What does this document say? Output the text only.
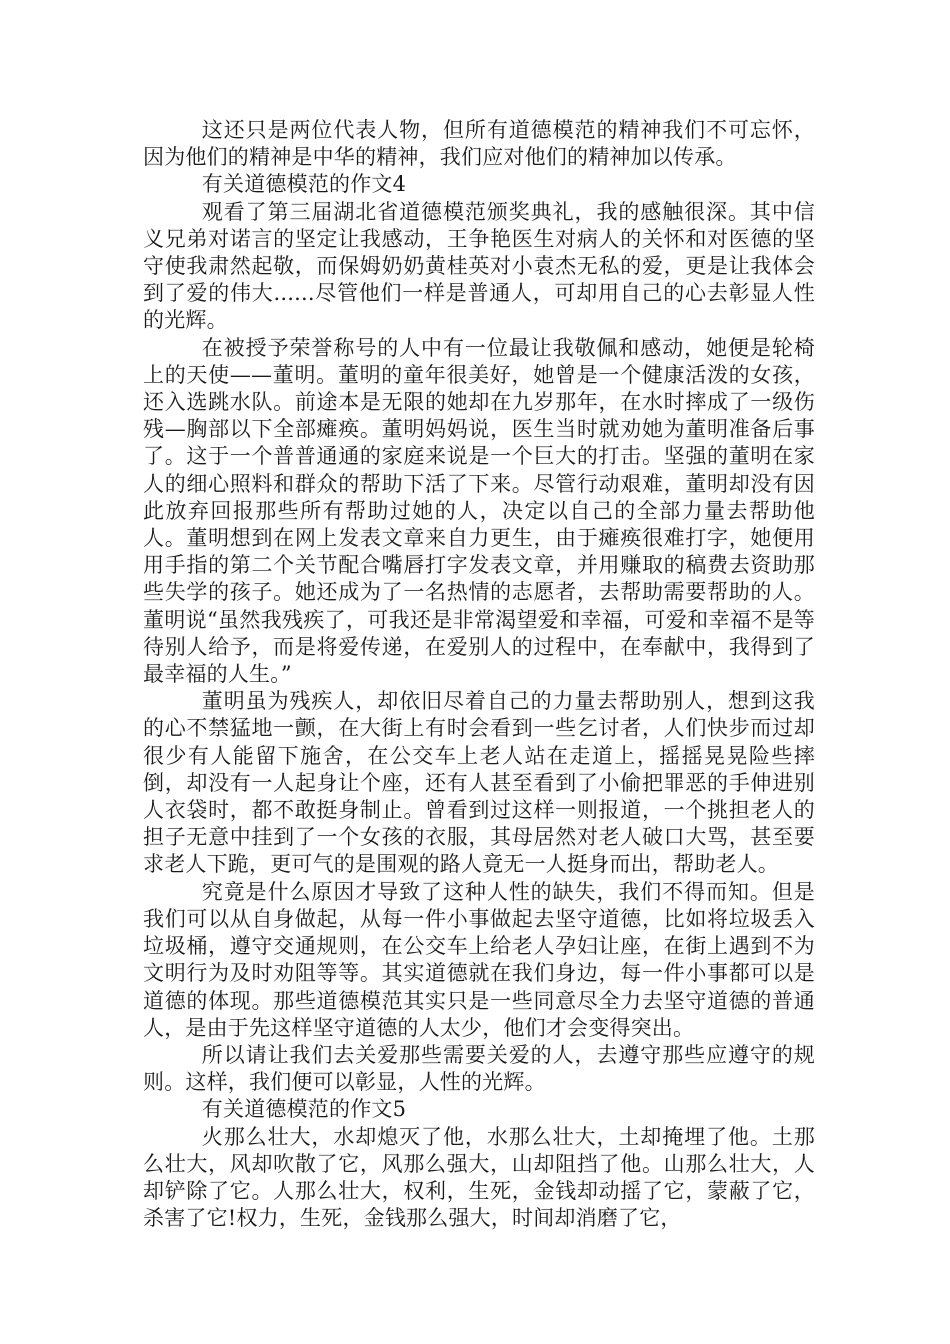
这还只是两位代表人物，但所有道德模范的精神我们不可忘怀，因为他们的精神是中华的精神，我们应对他们的精神加以传承。

有关道德模范的作文4

观看了第三届湖北省道德模范颁奖典礼，我的感触很深。其中信义兄弟对诺言的坚定让我感动，王争艳医生对病人的关怀和对医德的坚守使我肃然起敬，而保姆奶奶黄桂英对小袁杰无私的爱，更是让我体会到了爱的伟大......尽管他们一样是普通人，可却用自己的心去彰显人性的光辉。

在被授予荣誉称号的人中有一位最让我敬佩和感动，她便是轮椅上的天使——董明。董明的童年很美好，她曾是一个健康活泼的女孩，还入选跳水队。前途本是无限的她却在九岁那年，在水时摔成了一级伤残—胸部以下全部瘫痪。董明妈妈说，医生当时就劝她为董明准备后事了。这于一个普普通通的家庭来说是一个巨大的打击。坚强的董明在家人的细心照料和群众的帮助下活了下来。尽管行动艰难，董明却没有因此放弃回报那些所有帮助过她的人，决定以自己的全部力量去帮助他人。董明想到在网上发表文章来自力更生，由于瘫痪很难打字，她便用用手指的第二个关节配合嘴唇打字发表文章，并用赚取的稿费去资助那些失学的孩子。她还成为了一名热情的志愿者，去帮助需要帮助的人。董明说“虽然我残疾了，可我还是非常渴望爱和幸福，可爱和幸福不是等待别人给予，而是将爱传递，在爱别人的过程中，在奉献中，我得到了最幸福的人生。”

董明虽为残疾人，却依旧尽着自己的力量去帮助别人，想到这我的心不禁猛地一颤，在大街上有时会看到一些乞讨者，人们快步而过却很少有人能留下施舍，在公交车上老人站在走道上，摇摇晃晃险些摔倒，却没有一人起身让个座，还有人甚至看到了小偷把罪恶的手伸进别人衣袋时，都不敢挺身制止。曾看到过这样一则报道，一个挑担老人的担子无意中挂到了一个女孩的衣服，其母居然对老人破口大骂，甚至要求老人下跪，更可气的是围观的路人竟无一人挺身而出，帮助老人。

究竟是什么原因才导致了这种人性的缺失，我们不得而知。但是我们可以从自身做起，从每一件小事做起去坚守道德，比如将垃圾丢入垃圾桶，遵守交通规则，在公交车上给老人孕妇让座，在街上遇到不为文明行为及时劝阻等等。其实道德就在我们身边，每一件小事都可以是道德的体现。那些道德模范其实只是一些同意尽全力去坚守道德的普通人，是由于先这样坚守道德的人太少，他们才会变得突出。

所以请让我们去关爱那些需要关爱的人，去遵守那些应遵守的规则。这样，我们便可以彰显，人性的光辉。

有关道德模范的作文5

火那么壮大，水却熄灭了他，水那么壮大，土却掩埋了他。土那么壮大，风却吹散了它，风那么强大，山却阻挡了他。山那么壮大，人却铲除了它。人那么壮大，权利，生死，金钱却动摇了它，蒙蔽了它，杀害了它!权力，生死，金钱那么强大，时间却消磨了它，
